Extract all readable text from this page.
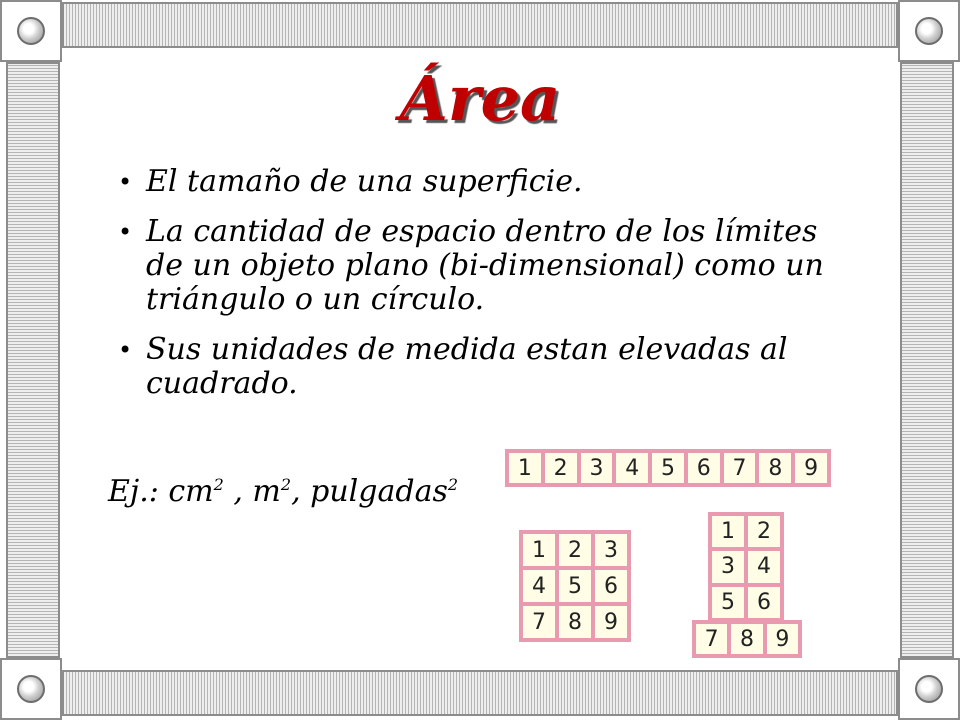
Área
• El tamaño de una superficie.
• La cantidad de espacio dentro de los límites de un objeto plano (bi-dimensional) como un triángulo o un círculo.
• Sus unidades de medida estan elevadas al cuadrado.
Ej.: $cm^2$ , $m^2$, pulgadas$^2$
1 2 3 4 5 6 7 8 9
1	2	3
4	5	6
7	8	9
1	2
3	4
5	6
7 8 9
